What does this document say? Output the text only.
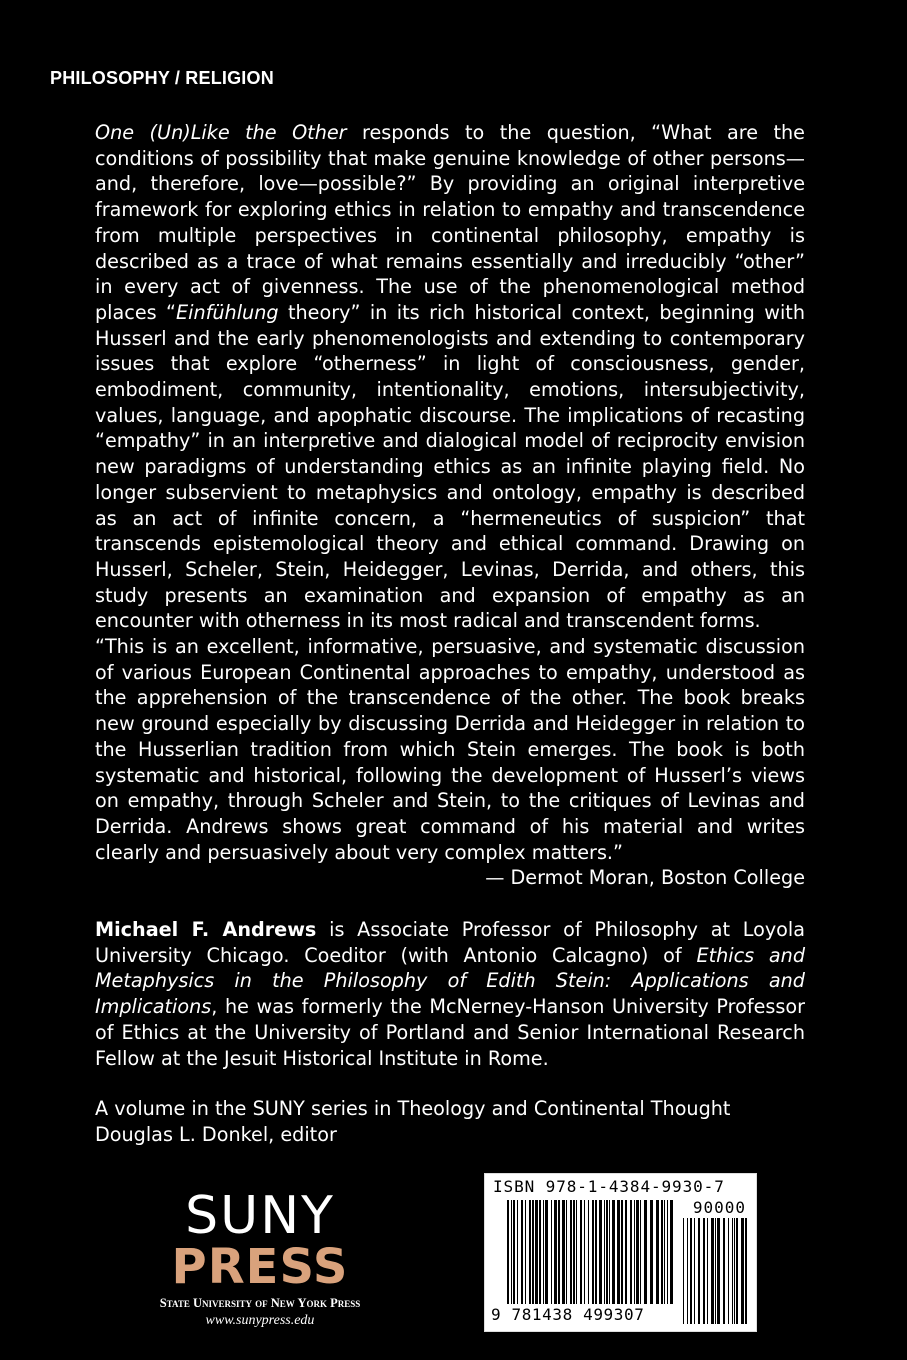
PHILOSOPHY / RELIGION
One (Un)Like the Other responds to the question, “What are the conditions of possibility that make genuine knowledge of other persons—and, therefore, love—possible?” By providing an original interpretive framework for exploring ethics in relation to empathy and transcendence from multiple perspectives in continental philosophy, empathy is described as a trace of what remains essentially and irreducibly “other” in every act of givenness. The use of the phenomenological method places “Einfühlung theory” in its rich historical context, beginning with Husserl and the early phenomenologists and extending to contemporary issues that explore “otherness” in light of consciousness, gender, embodiment, community, intentionality, emotions, intersubjectivity, values, language, and apophatic discourse. The implications of recasting “empathy” in an interpretive and dialogical model of reciprocity envision new paradigms of understanding ethics as an infinite playing field. No longer subservient to metaphysics and ontology, empathy is described as an act of infinite concern, a “hermeneutics of suspicion” that transcends epistemological theory and ethical command. Drawing on Husserl, Scheler, Stein, Heidegger, Levinas, Derrida, and others, this study presents an examination and expansion of empathy as an encounter with otherness in its most radical and transcendent forms.
“This is an excellent, informative, persuasive, and systematic discussion of various European Continental approaches to empathy, understood as the apprehension of the transcendence of the other. The book breaks new ground especially by discussing Derrida and Heidegger in relation to the Husserlian tradition from which Stein emerges. The book is both systematic and historical, following the development of Husserl’s views on empathy, through Scheler and Stein, to the critiques of Levinas and Derrida. Andrews shows great command of his material and writes clearly and persuasively about very complex matters.”
— Dermot Moran, Boston College
Michael F. Andrews is Associate Professor of Philosophy at Loyola University Chicago. Coeditor (with Antonio Calcagno) of Ethics and Metaphysics in the Philosophy of Edith Stein: Applications and Implications, he was formerly the McNerney-Hanson University Professor of Ethics at the University of Portland and Senior International Research Fellow at the Jesuit Historical Institute in Rome.
A volume in the SUNY series in Theology and Continental Thought
Douglas L. Donkel, editor
SUNY
PRESS
State University of New York Press
www.sunypress.edu
ISBN 978-1-4384-9930-7
90000
9 781438 499307
